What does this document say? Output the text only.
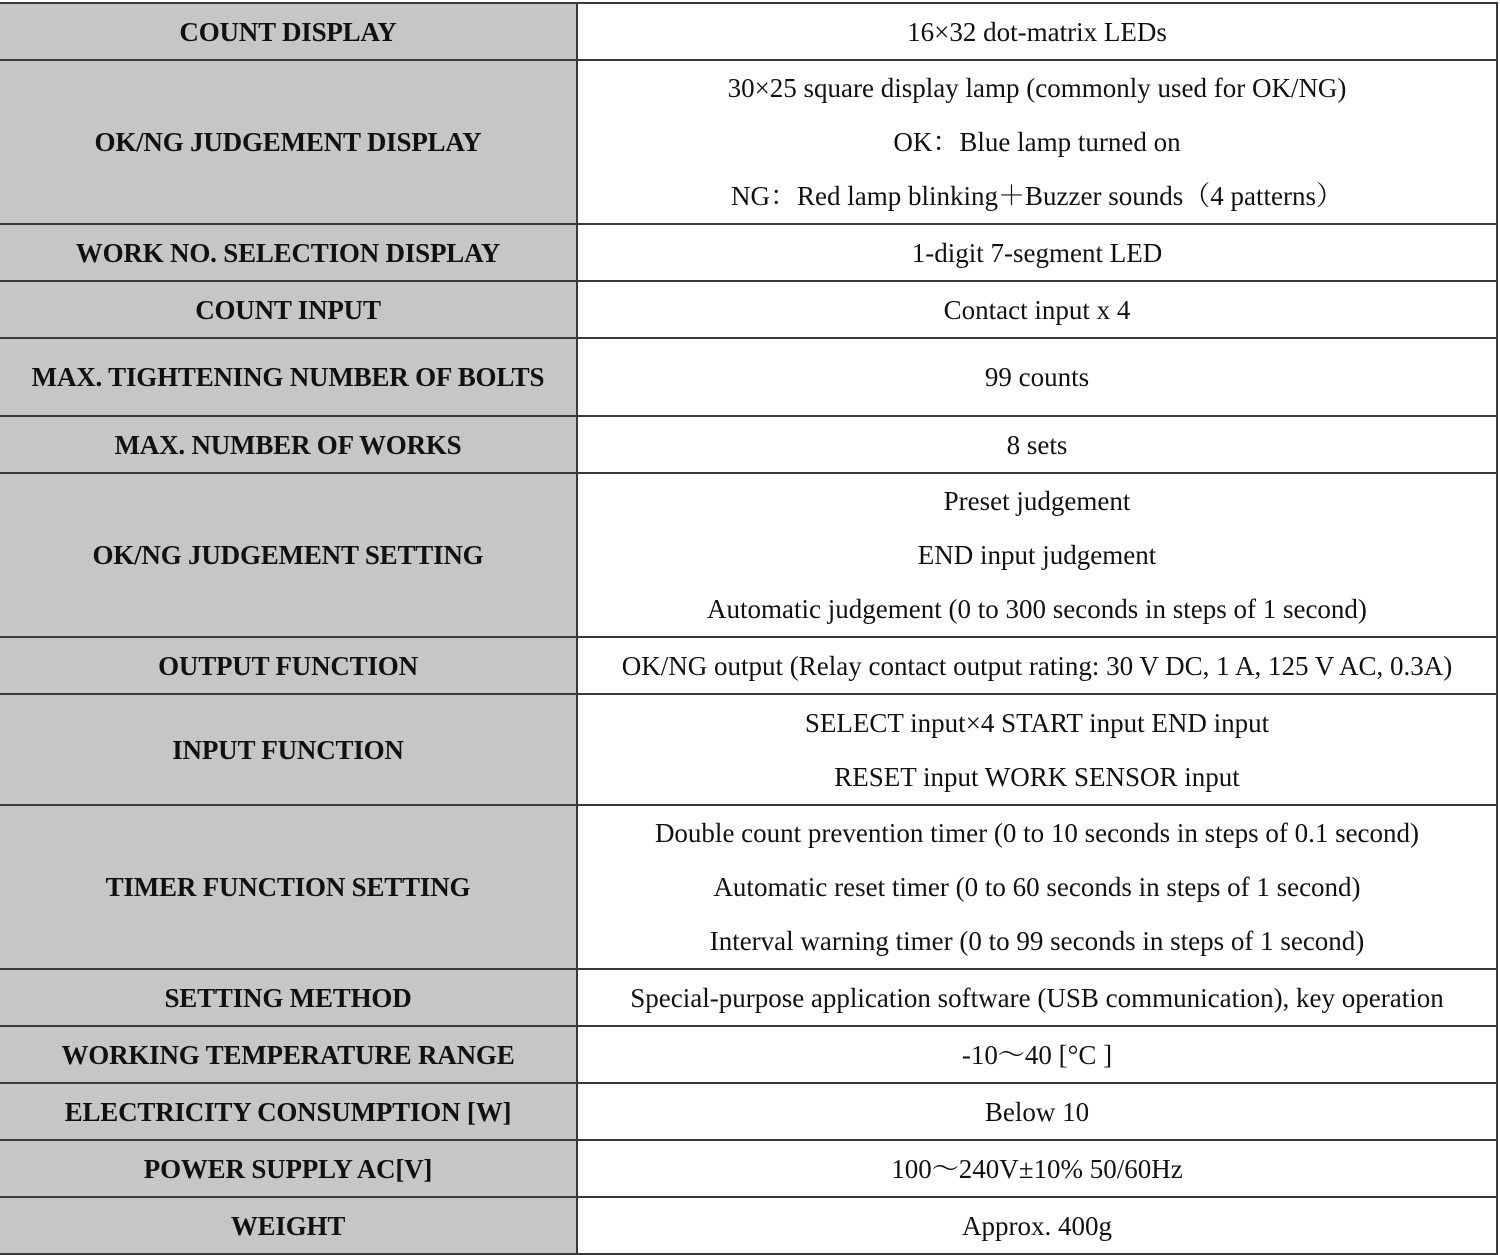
COUNT DISPLAY	16×32 dot-matrix LEDs

OK/NG JUDGEMENT DISPLAY	30×25 square display lamp (commonly used for OK/NG)
OK：Blue lamp turned on
NG：Red lamp blinking＋Buzzer sounds（4 patterns）

WORK NO. SELECTION DISPLAY	1-digit 7-segment LED

COUNT INPUT	Contact input x 4

MAX. TIGHTENING NUMBER OF BOLTS	99 counts

MAX. NUMBER OF WORKS	8 sets

OK/NG JUDGEMENT SETTING	Preset judgement
END input judgement
Automatic judgement (0 to 300 seconds in steps of 1 second)

OUTPUT FUNCTION	OK/NG output (Relay contact output rating: 30 V DC, 1 A, 125 V AC, 0.3A)

INPUT FUNCTION	SELECT input×4 START input END input
RESET input WORK SENSOR input

TIMER FUNCTION SETTING	Double count prevention timer (0 to 10 seconds in steps of 0.1 second)
Automatic reset timer (0 to 60 seconds in steps of 1 second)
Interval warning timer (0 to 99 seconds in steps of 1 second)

SETTING METHOD	Special-purpose application software (USB communication), key operation

WORKING TEMPERATURE RANGE	-10～40 [°C ]

ELECTRICITY CONSUMPTION [W]	Below 10

POWER SUPPLY AC[V]	100～240V±10% 50/60Hz

WEIGHT	Approx. 400g
